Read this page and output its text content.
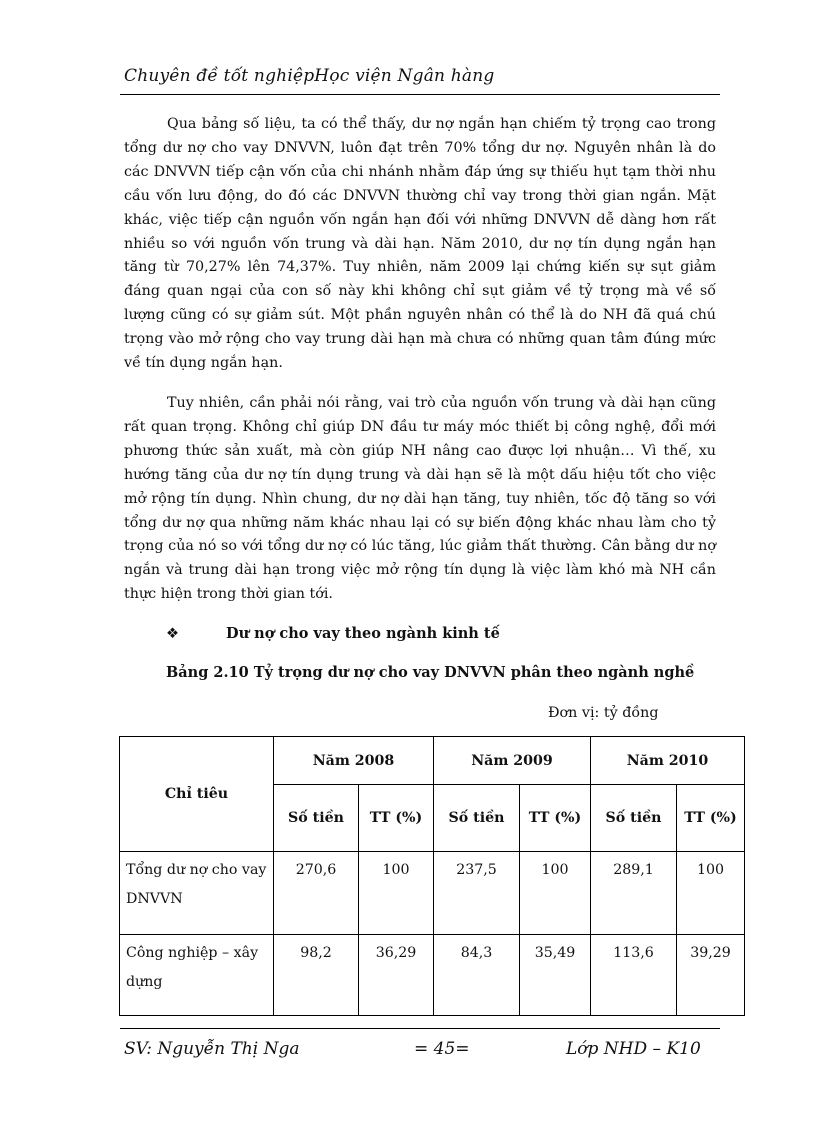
Chuyên đề tốt nghiệpHọc viện Ngân hàng

Qua bảng số liệu, ta có thể thấy, dư nợ ngắn hạn chiếm tỷ trọng cao trong tổng dư nợ cho vay DNVVN, luôn đạt trên 70% tổng dư nợ. Nguyên nhân là do các DNVVN tiếp cận vốn của chi nhánh nhằm đáp ứng sự thiếu hụt tạm thời nhu cầu vốn lưu động, do đó các DNVVN thường chỉ vay trong thời gian ngắn. Mặt khác, việc tiếp cận nguồn vốn ngắn hạn đối với những DNVVN dễ dàng hơn rất nhiều so với nguồn vốn trung và dài hạn. Năm 2010, dư nợ tín dụng ngắn hạn tăng từ 70,27% lên 74,37%. Tuy nhiên, năm 2009 lại chứng kiến sự sụt giảm đáng quan ngại của con số này khi không chỉ sụt giảm về tỷ trọng mà về số lượng cũng có sự giảm sút. Một phần nguyên nhân có thể là do NH đã quá chú trọng vào mở rộng cho vay trung dài hạn mà chưa có những quan tâm đúng mức về tín dụng ngắn hạn.

Tuy nhiên, cần phải nói rằng, vai trò của nguồn vốn trung và dài hạn cũng rất quan trọng. Không chỉ giúp DN đầu tư máy móc thiết bị công nghệ, đổi mới phương thức sản xuất, mà còn giúp NH nâng cao được lợi nhuận… Vì thế, xu hướng tăng của dư nợ tín dụng trung và dài hạn sẽ là một dấu hiệu tốt cho việc mở rộng tín dụng. Nhìn chung, dư nợ dài hạn tăng, tuy nhiên, tốc độ tăng so với tổng dư nợ qua những năm khác nhau lại có sự biến động khác nhau làm cho tỷ trọng của nó so với tổng dư nợ có lúc tăng, lúc giảm thất thường. Cân bằng dư nợ ngắn và trung dài hạn trong việc mở rộng tín dụng là việc làm khó mà NH cần thực hiện trong thời gian tới.

❖	Dư nợ cho vay theo ngành kinh tế
Bảng 2.10 Tỷ trọng dư nợ cho vay DNVVN phân theo ngành nghề
Đơn vị: tỷ đồng
Chỉ tiêu	Năm 2008		Năm 2009		Năm 2010	
	Số tiền	TT (%)	Số tiền	TT (%)	Số tiền	TT (%)
Tổng dư nợ cho vay DNVVN	270,6	100	237,5	100	289,1	100
Công nghiệp – xây dựng	98,2	36,29	84,3	35,49	113,6	39,29
SV: Nguyễn Thị Nga	= 45=	Lớp NHD – K10
